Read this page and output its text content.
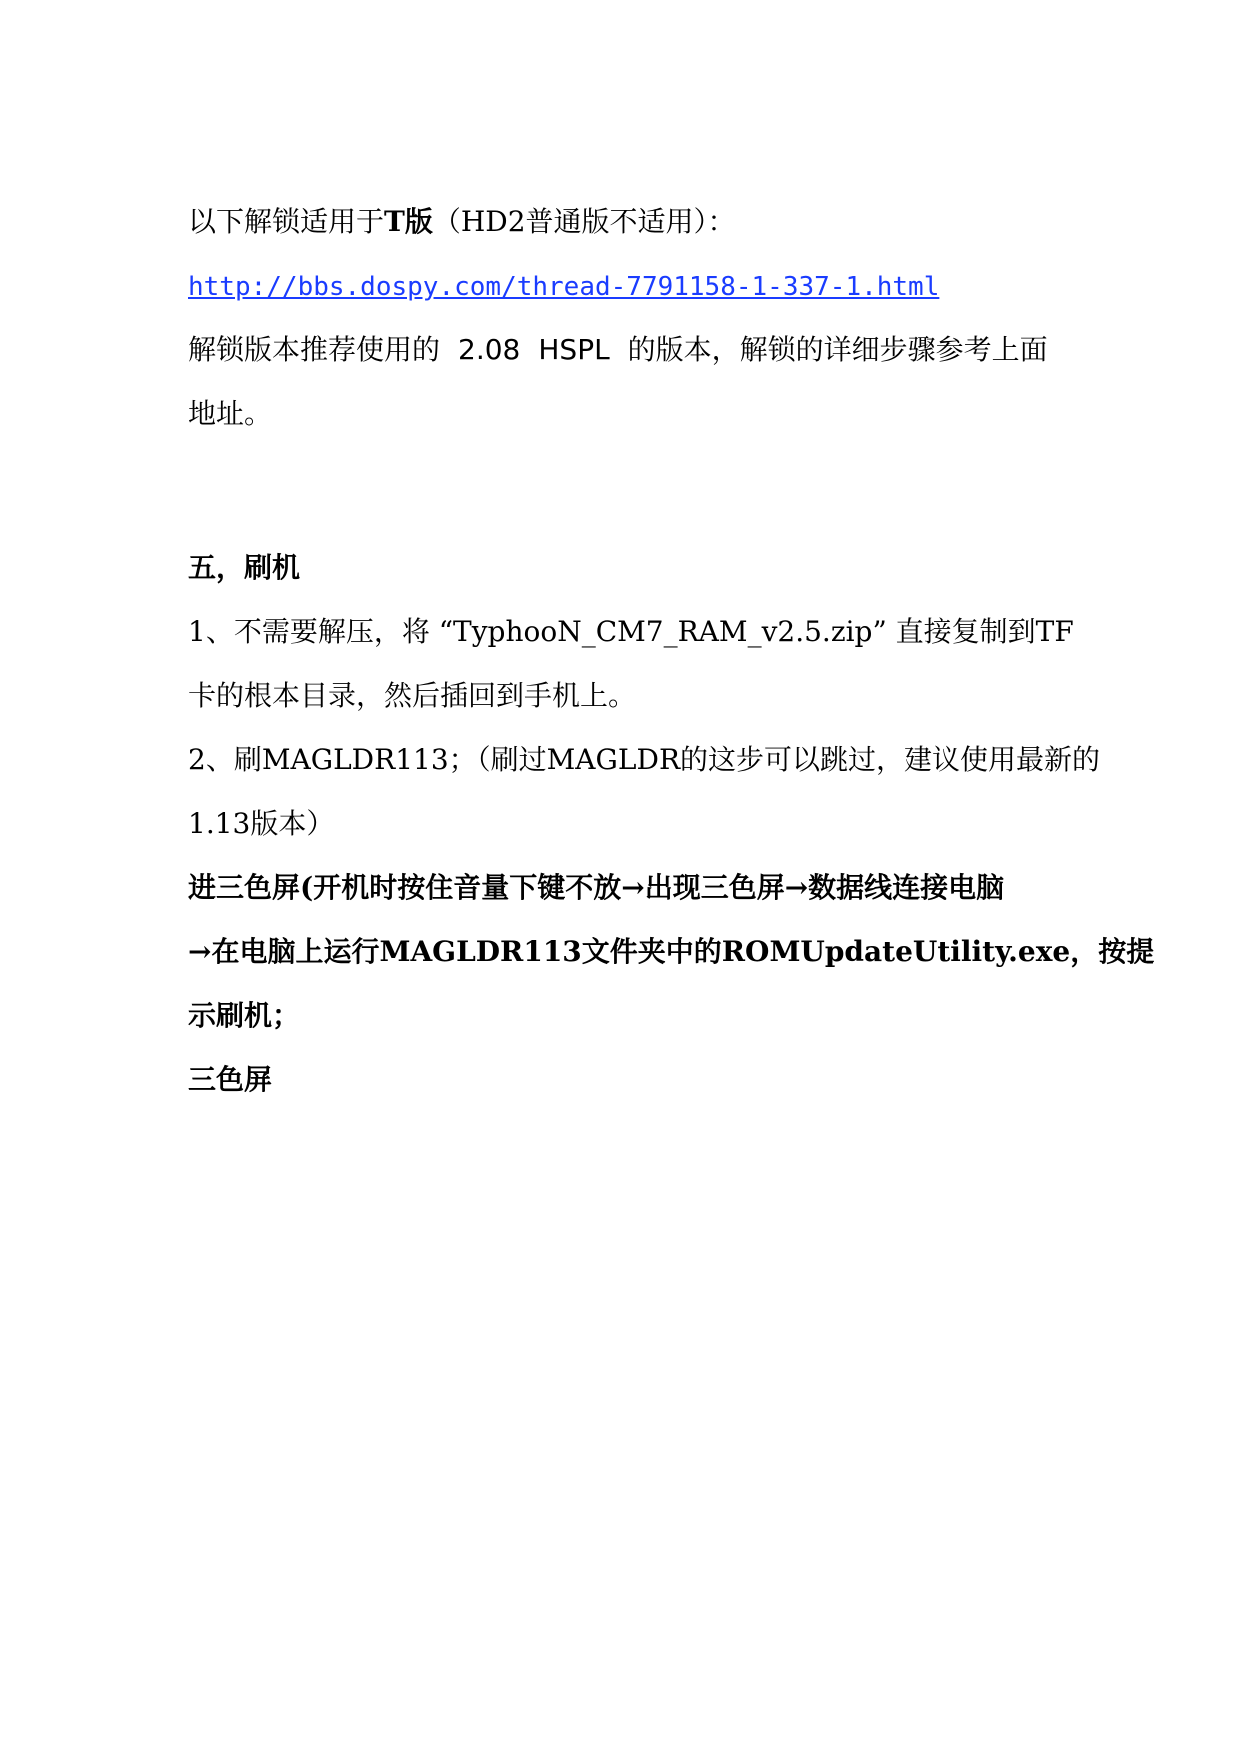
以下解锁适用于T版（HD2普通版不适用）：
http://bbs.dospy.com/thread-7791158-1-337-1.html
解锁版本推荐使用的 2.08 HSPL 的版本，解锁的详细步骤参考上面
地址。
五，刷机
1、不需要解压，将 “TyphooN_CM7_RAM_v2.5.zip” 直接复制到TF
卡的根本目录，然后插回到手机上。
2、刷MAGLDR113；（刷过MAGLDR的这步可以跳过，建议使用最新的
1.13版本）
进三色屏(开机时按住音量下键不放→出现三色屏→数据线连接电脑
→在电脑上运行MAGLDR113文件夹中的ROMUpdateUtility.exe，按提
示刷机；
三色屏
